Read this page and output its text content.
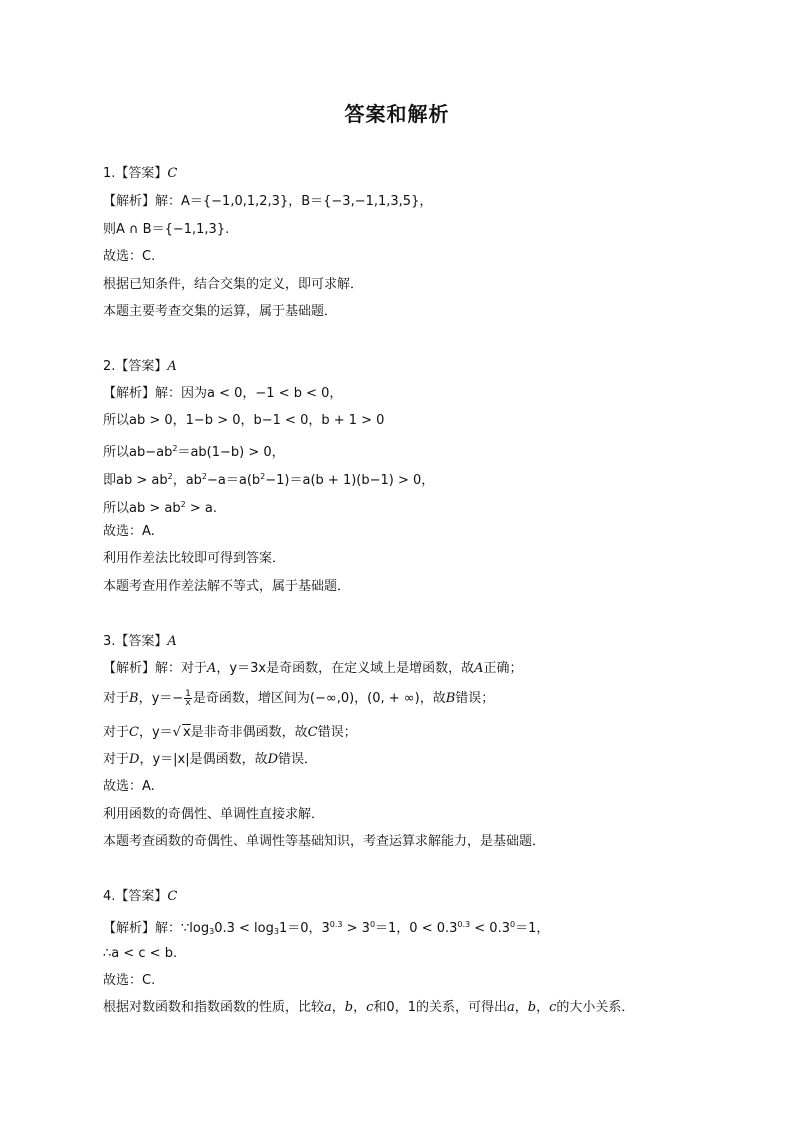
答案和解析
1.【答案】C
【解析】解：A＝{−1,0,1,2,3}，B＝{−3,−1,1,3,5}，
则A ∩ B＝{−1,1,3}.
故选：C.
根据已知条件，结合交集的定义，即可求解．
本题主要考查交集的运算，属于基础题．
2.【答案】A
【解析】解：因为a < 0，−1 < b < 0，
所以ab > 0，1−b > 0，b−1 < 0，b + 1 > 0
所以$ab-ab^2=ab(1-b) > 0$，
即ab > $ab^2$，$ab^2-a=a(b^2-1)=a(b + 1)(b-1) > 0$，
所以ab > $ab^2 > a$.
故选：A.
利用作差法比较即可得到答案．
本题考查用作差法解不等式，属于基础题．
3.【答案】A
【解析】解：对于A，y＝3x是奇函数，在定义域上是增函数，故A正确；
对于B，$y=- \frac{1}{x}$ 是奇函数，增区间为(−∞,0)，(0, + ∞)，故B错误；
对于C，y＝√ x是非奇非偶函数，故C错误；
对于D，y＝|x|是偶函数，故D错误．
故选：A.
利用函数的奇偶性、单调性直接求解．
本题考查函数的奇偶性、单调性等基础知识，考查运算求解能力，是基础题．
4.【答案】C
【解析】解：$\because\log_30.3 < \log_31=0$，$3^{0.3} > 3^0=1$，$0 < 0.3^{0.3} < 0.3^0=1$，
∴a < c < b.
故选：C.
根据对数函数和指数函数的性质，比较a，b，c和0，1的关系，可得出a，b，c的大小关系．
